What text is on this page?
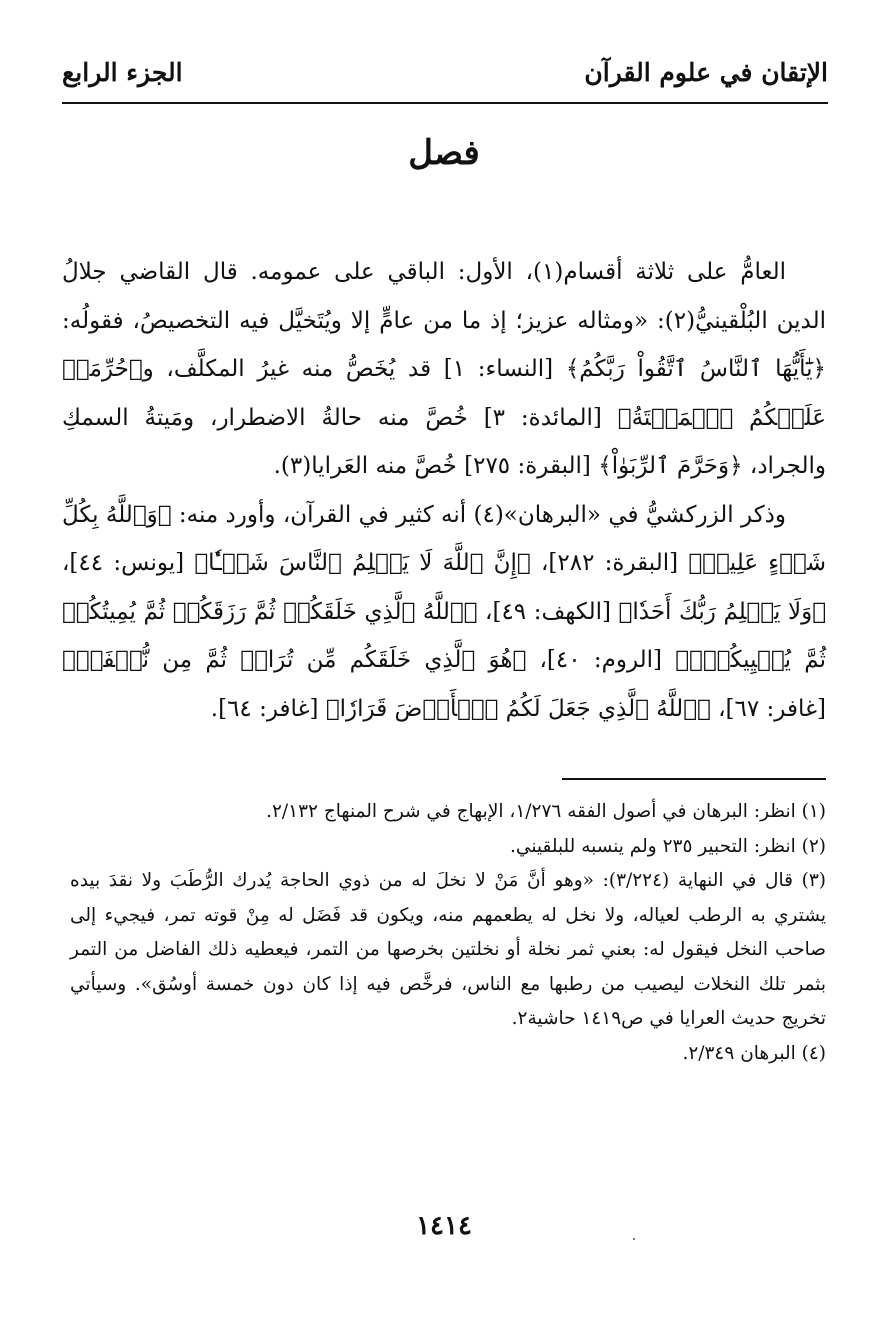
الإتقان في علوم القرآن
الجزء الرابع
فصل

العامُّ على ثلاثة أقسام(١)، الأول: الباقي على عمومه. قال القاضي جلالُ الدين البُلْقينيُّ(٢): «ومثاله عزيز؛ إذ ما من عامٍّ إلا ويُتَخيَّل فيه التخصيصُ، فقولُه: ﴿يَٰٓأَيُّهَا ٱلنَّاسُ ٱتَّقُواْ رَبَّكُمُ﴾ [النساء: ١] قد يُخَصُّ منه غيرُ المكلَّف، و﴿حُرِّمَتۡ عَلَيۡكُمُ ٱلۡمَيۡتَةُ﴾ [المائدة: ٣] خُصَّ منه حالةُ الاضطرار، ومَيتةُ السمكِ والجراد، ﴿وَحَرَّمَ ٱلرِّبَوٰاْ﴾ [البقرة: ٢٧٥] خُصَّ منه العَرايا(٣).

وذكر الزركشيُّ في «البرهان»(٤) أنه كثير في القرآن، وأورد منه: ﴿وَٱللَّهُ بِكُلِّ شَيۡءٍ عَلِيمٞ﴾ [البقرة: ٢٨٢]، ﴿إِنَّ ٱللَّهَ لَا يَظۡلِمُ ٱلنَّاسَ شَيۡـٔٗا﴾ [يونس: ٤٤]، ﴿وَلَا يَظۡلِمُ رَبُّكَ أَحَدٗا﴾ [الكهف: ٤٩]، ﴿ٱللَّهُ ٱلَّذِي خَلَقَكُمۡ ثُمَّ رَزَقَكُمۡ ثُمَّ يُمِيتُكُمۡ ثُمَّ يُحۡيِيكُمۡۖ﴾ [الروم: ٤٠]، ﴿هُوَ ٱلَّذِي خَلَقَكُم مِّن تُرَابٖ ثُمَّ مِن نُّطۡفَةٖ﴾ [غافر: ٦٧]، ﴿ٱللَّهُ ٱلَّذِي جَعَلَ لَكُمُ ٱلۡأَرۡضَ قَرَارٗا﴾ [غافر: ٦٤].

(١) انظر: البرهان في أصول الفقه ١/٢٧٦، الإبهاج في شرح المنهاج ٢/١٣٢.

(٢) انظر: التحبير ٢٣٥ ولم ينسبه للبلقيني.

(٣) قال في النهاية (٣/٢٢٤): «وهو أنَّ مَنْ لا نخلَ له من ذوي الحاجة يُدرك الرُّطَبَ ولا نقدَ بيده يشتري به الرطب لعياله، ولا نخل له يطعمهم منه، ويكون قد فَضَل له مِنْ قوته تمر، فيجيء إلى صاحب النخل فيقول له: بعني ثمر نخلة أو نخلتين بخرصها من التمر، فيعطيه ذلك الفاضل من التمر بثمر تلك النخلات ليصيب من رطبها مع الناس، فرخَّص فيه إذا كان دون خمسة أوسُق». وسيأتي تخريج حديث العرايا في ص١٤١٩ حاشية٢.

(٤) البرهان ٢/٣٤٩.

١٤١٤
